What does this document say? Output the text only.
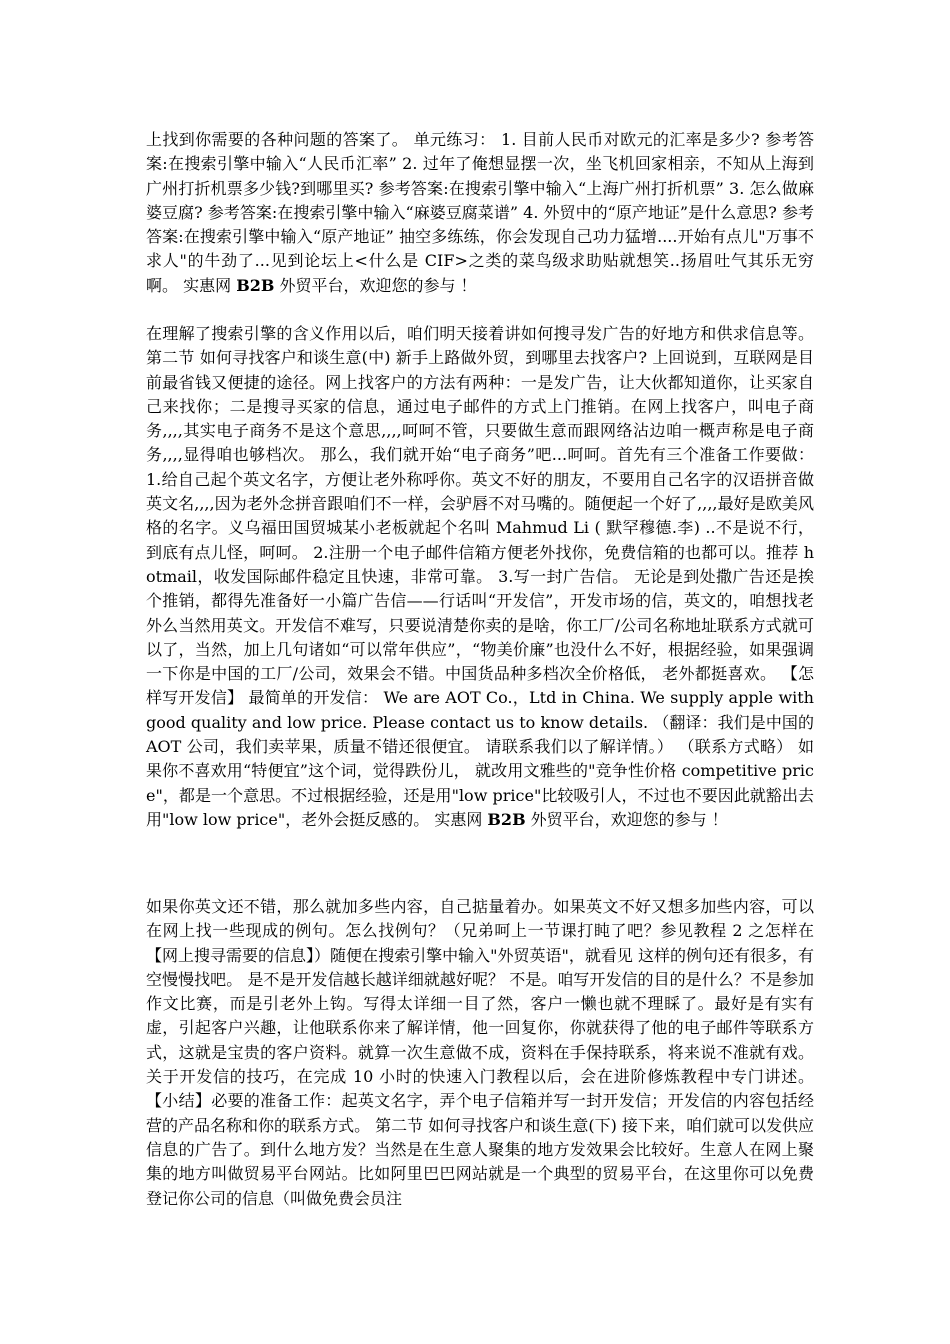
上找到你需要的各种问题的答案了。 单元练习： 1. 目前人民币对欧元的汇率是多少? 参考答案:在搜索引擎中输入“人民币汇率” 2. 过年了俺想显摆一次，坐飞机回家相亲，不知从上海到广州打折机票多少钱?到哪里买? 参考答案:在搜索引擎中输入“上海广州打折机票” 3. 怎么做麻婆豆腐? 参考答案:在搜索引擎中输入“麻婆豆腐菜谱” 4. 外贸中的“原产地证”是什么意思? 参考答案:在搜索引擎中输入“原产地证” 抽空多练练，你会发现自己功力猛增....开始有点儿"万事不求人"的牛劲了...见到论坛上<什么是 CIF>之类的菜鸟级求助贴就想笑..扬眉吐气其乐无穷啊。 实惠网 B2B 外贸平台，欢迎您的参与 ！

在理解了搜索引擎的含义作用以后，咱们明天接着讲如何搜寻发广告的好地方和供求信息等。 第二节 如何寻找客户和谈生意(中) 新手上路做外贸，到哪里去找客户? 上回说到，互联网是目前最省钱又便捷的途径。网上找客户的方法有两种：一是发广告，让大伙都知道你，让买家自己来找你；二是搜寻买家的信息，通过电子邮件的方式上门推销。在网上找客户，叫电子商务,,,,其实电子商务不是这个意思,,,,呵呵不管，只要做生意而跟网络沾边咱一概声称是电子商务,,,,显得咱也够档次。 那么，我们就开始“电子商务”吧...呵呵。首先有三个准备工作要做： 1.给自己起个英文名字，方便让老外称呼你。英文不好的朋友，不要用自己名字的汉语拼音做英文名,,,,因为老外念拼音跟咱们不一样，会驴唇不对马嘴的。随便起一个好了,,,,最好是欧美风格的名字。义乌福田国贸城某小老板就起个名叫 Mahmud Li ( 默罕穆德.李) ..不是说不行，到底有点儿怪，呵呵。 2.注册一个电子邮件信箱方便老外找你，免费信箱的也都可以。推荐 hotmail，收发国际邮件稳定且快速，非常可靠。 3.写一封广告信。 无论是到处撒广告还是挨个推销，都得先准备好一小篇广告信——行话叫“开发信”，开发市场的信，英文的，咱想找老外么当然用英文。开发信不难写，只要说清楚你卖的是啥，你工厂/公司名称地址联系方式就可以了，当然，加上几句诸如“可以常年供应”，“物美价廉”也没什么不好，根据经验，如果强调一下你是中国的工厂/公司，效果会不错。中国货品种多档次全价格低， 老外都挺喜欢。 【怎样写开发信】 最简单的开发信： We are AOT Co.，Ltd in China. We supply apple with good quality and low price. Please contact us to know details. （翻译：我们是中国的 AOT 公司，我们卖苹果，质量不错还很便宜。 请联系我们以了解详情。） （联系方式略） 如果你不喜欢用“特便宜”这个词，觉得跌份儿， 就改用文雅些的"竞争性价格 competitive price"，都是一个意思。不过根据经验，还是用"low price"比较吸引人，不过也不要因此就豁出去用"low low price"，老外会挺反感的。 实惠网 B2B 外贸平台，欢迎您的参与 ！

如果你英文还不错，那么就加多些内容，自己掂量着办。如果英文不好又想多加些内容，可以在网上找一些现成的例句。怎么找例句？（兄弟呵上一节课打盹了吧？参见教程 2 之怎样在【网上搜寻需要的信息】）随便在搜索引擎中输入"外贸英语"，就看见 这样的例句还有很多，有空慢慢找吧。 是不是开发信越长越详细就越好呢？ 不是。咱写开发信的目的是什么？不是参加作文比赛，而是引老外上钩。写得太详细一目了然，客户一懒也就不理睬了。最好是有实有虚，引起客户兴趣，让他联系你来了解详情，他一回复你，你就获得了他的电子邮件等联系方式，这就是宝贵的客户资料。就算一次生意做不成，资料在手保持联系，将来说不准就有戏。关于开发信的技巧，在完成 10 小时的快速入门教程以后，会在进阶修炼教程中专门讲述。 【小结】必要的准备工作：起英文名字，弄个电子信箱并写一封开发信；开发信的内容包括经营的产品名称和你的联系方式。 第二节 如何寻找客户和谈生意(下) 接下来，咱们就可以发供应信息的广告了。到什么地方发？当然是在生意人聚集的地方发效果会比较好。生意人在网上聚集的地方叫做贸易平台网站。比如阿里巴巴网站就是一个典型的贸易平台，在这里你可以免费登记你公司的信息（叫做免费会员注
